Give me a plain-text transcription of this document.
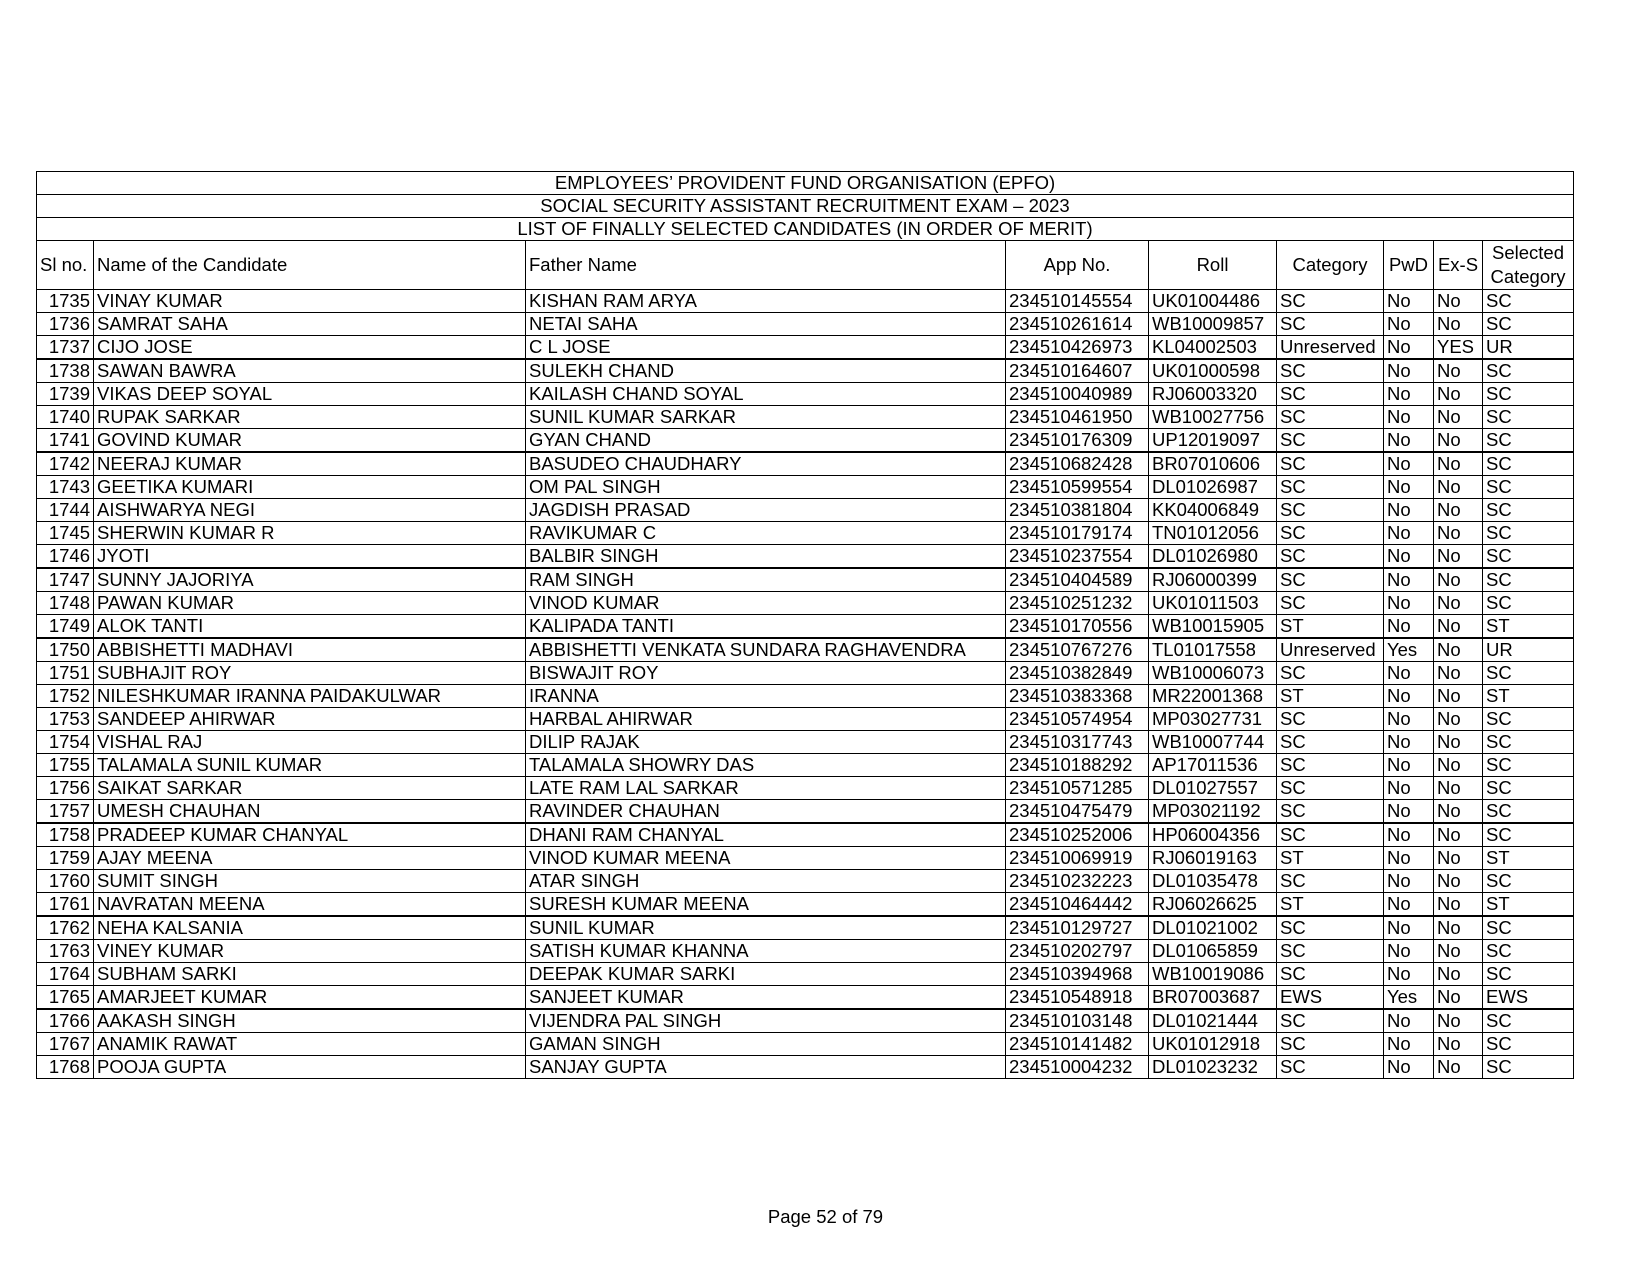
EMPLOYEES’ PROVIDENT FUND ORGANISATION (EPFO)								
SOCIAL SECURITY ASSISTANT RECRUITMENT EXAM – 2023								
LIST OF FINALLY SELECTED CANDIDATES (IN ORDER OF MERIT)								
Sl no.	Name of the Candidate	Father Name	App No.	Roll	Category	PwD	Ex-S	Selected Category
1735	VINAY KUMAR	KISHAN RAM ARYA	234510145554	UK01004486	SC	No	No	SC
1736	SAMRAT SAHA	NETAI SAHA	234510261614	WB10009857	SC	No	No	SC
1737	CIJO JOSE	C L JOSE	234510426973	KL04002503	Unreserved	No	YES	UR
1738	SAWAN BAWRA	SULEKH CHAND	234510164607	UK01000598	SC	No	No	SC
1739	VIKAS DEEP SOYAL	KAILASH CHAND SOYAL	234510040989	RJ06003320	SC	No	No	SC
1740	RUPAK SARKAR	SUNIL KUMAR SARKAR	234510461950	WB10027756	SC	No	No	SC
1741	GOVIND KUMAR	GYAN CHAND	234510176309	UP12019097	SC	No	No	SC
1742	NEERAJ KUMAR	BASUDEO CHAUDHARY	234510682428	BR07010606	SC	No	No	SC
1743	GEETIKA KUMARI	OM PAL SINGH	234510599554	DL01026987	SC	No	No	SC
1744	AISHWARYA NEGI	JAGDISH PRASAD	234510381804	KK04006849	SC	No	No	SC
1745	SHERWIN KUMAR R	RAVIKUMAR C	234510179174	TN01012056	SC	No	No	SC
1746	JYOTI	BALBIR SINGH	234510237554	DL01026980	SC	No	No	SC
1747	SUNNY JAJORIYA	RAM SINGH	234510404589	RJ06000399	SC	No	No	SC
1748	PAWAN KUMAR	VINOD KUMAR	234510251232	UK01011503	SC	No	No	SC
1749	ALOK TANTI	KALIPADA TANTI	234510170556	WB10015905	ST	No	No	ST
1750	ABBISHETTI MADHAVI	ABBISHETTI VENKATA SUNDARA RAGHAVENDRA	234510767276	TL01017558	Unreserved	Yes	No	UR
1751	SUBHAJIT ROY	BISWAJIT ROY	234510382849	WB10006073	SC	No	No	SC
1752	NILESHKUMAR IRANNA PAIDAKULWAR	IRANNA	234510383368	MR22001368	ST	No	No	ST
1753	SANDEEP AHIRWAR	HARBAL AHIRWAR	234510574954	MP03027731	SC	No	No	SC
1754	VISHAL RAJ	DILIP RAJAK	234510317743	WB10007744	SC	No	No	SC
1755	TALAMALA SUNIL KUMAR	TALAMALA SHOWRY DAS	234510188292	AP17011536	SC	No	No	SC
1756	SAIKAT SARKAR	LATE RAM LAL SARKAR	234510571285	DL01027557	SC	No	No	SC
1757	UMESH CHAUHAN	RAVINDER CHAUHAN	234510475479	MP03021192	SC	No	No	SC
1758	PRADEEP KUMAR CHANYAL	DHANI RAM CHANYAL	234510252006	HP06004356	SC	No	No	SC
1759	AJAY MEENA	VINOD KUMAR MEENA	234510069919	RJ06019163	ST	No	No	ST
1760	SUMIT SINGH	ATAR SINGH	234510232223	DL01035478	SC	No	No	SC
1761	NAVRATAN MEENA	SURESH KUMAR MEENA	234510464442	RJ06026625	ST	No	No	ST
1762	NEHA KALSANIA	SUNIL KUMAR	234510129727	DL01021002	SC	No	No	SC
1763	VINEY KUMAR	SATISH KUMAR KHANNA	234510202797	DL01065859	SC	No	No	SC
1764	SUBHAM SARKI	DEEPAK KUMAR SARKI	234510394968	WB10019086	SC	No	No	SC
1765	AMARJEET KUMAR	SANJEET KUMAR	234510548918	BR07003687	EWS	Yes	No	EWS
1766	AAKASH SINGH	VIJENDRA PAL SINGH	234510103148	DL01021444	SC	No	No	SC
1767	ANAMIK RAWAT	GAMAN SINGH	234510141482	UK01012918	SC	No	No	SC
1768	POOJA GUPTA	SANJAY GUPTA	234510004232	DL01023232	SC	No	No	SC
Page 52 of 79
